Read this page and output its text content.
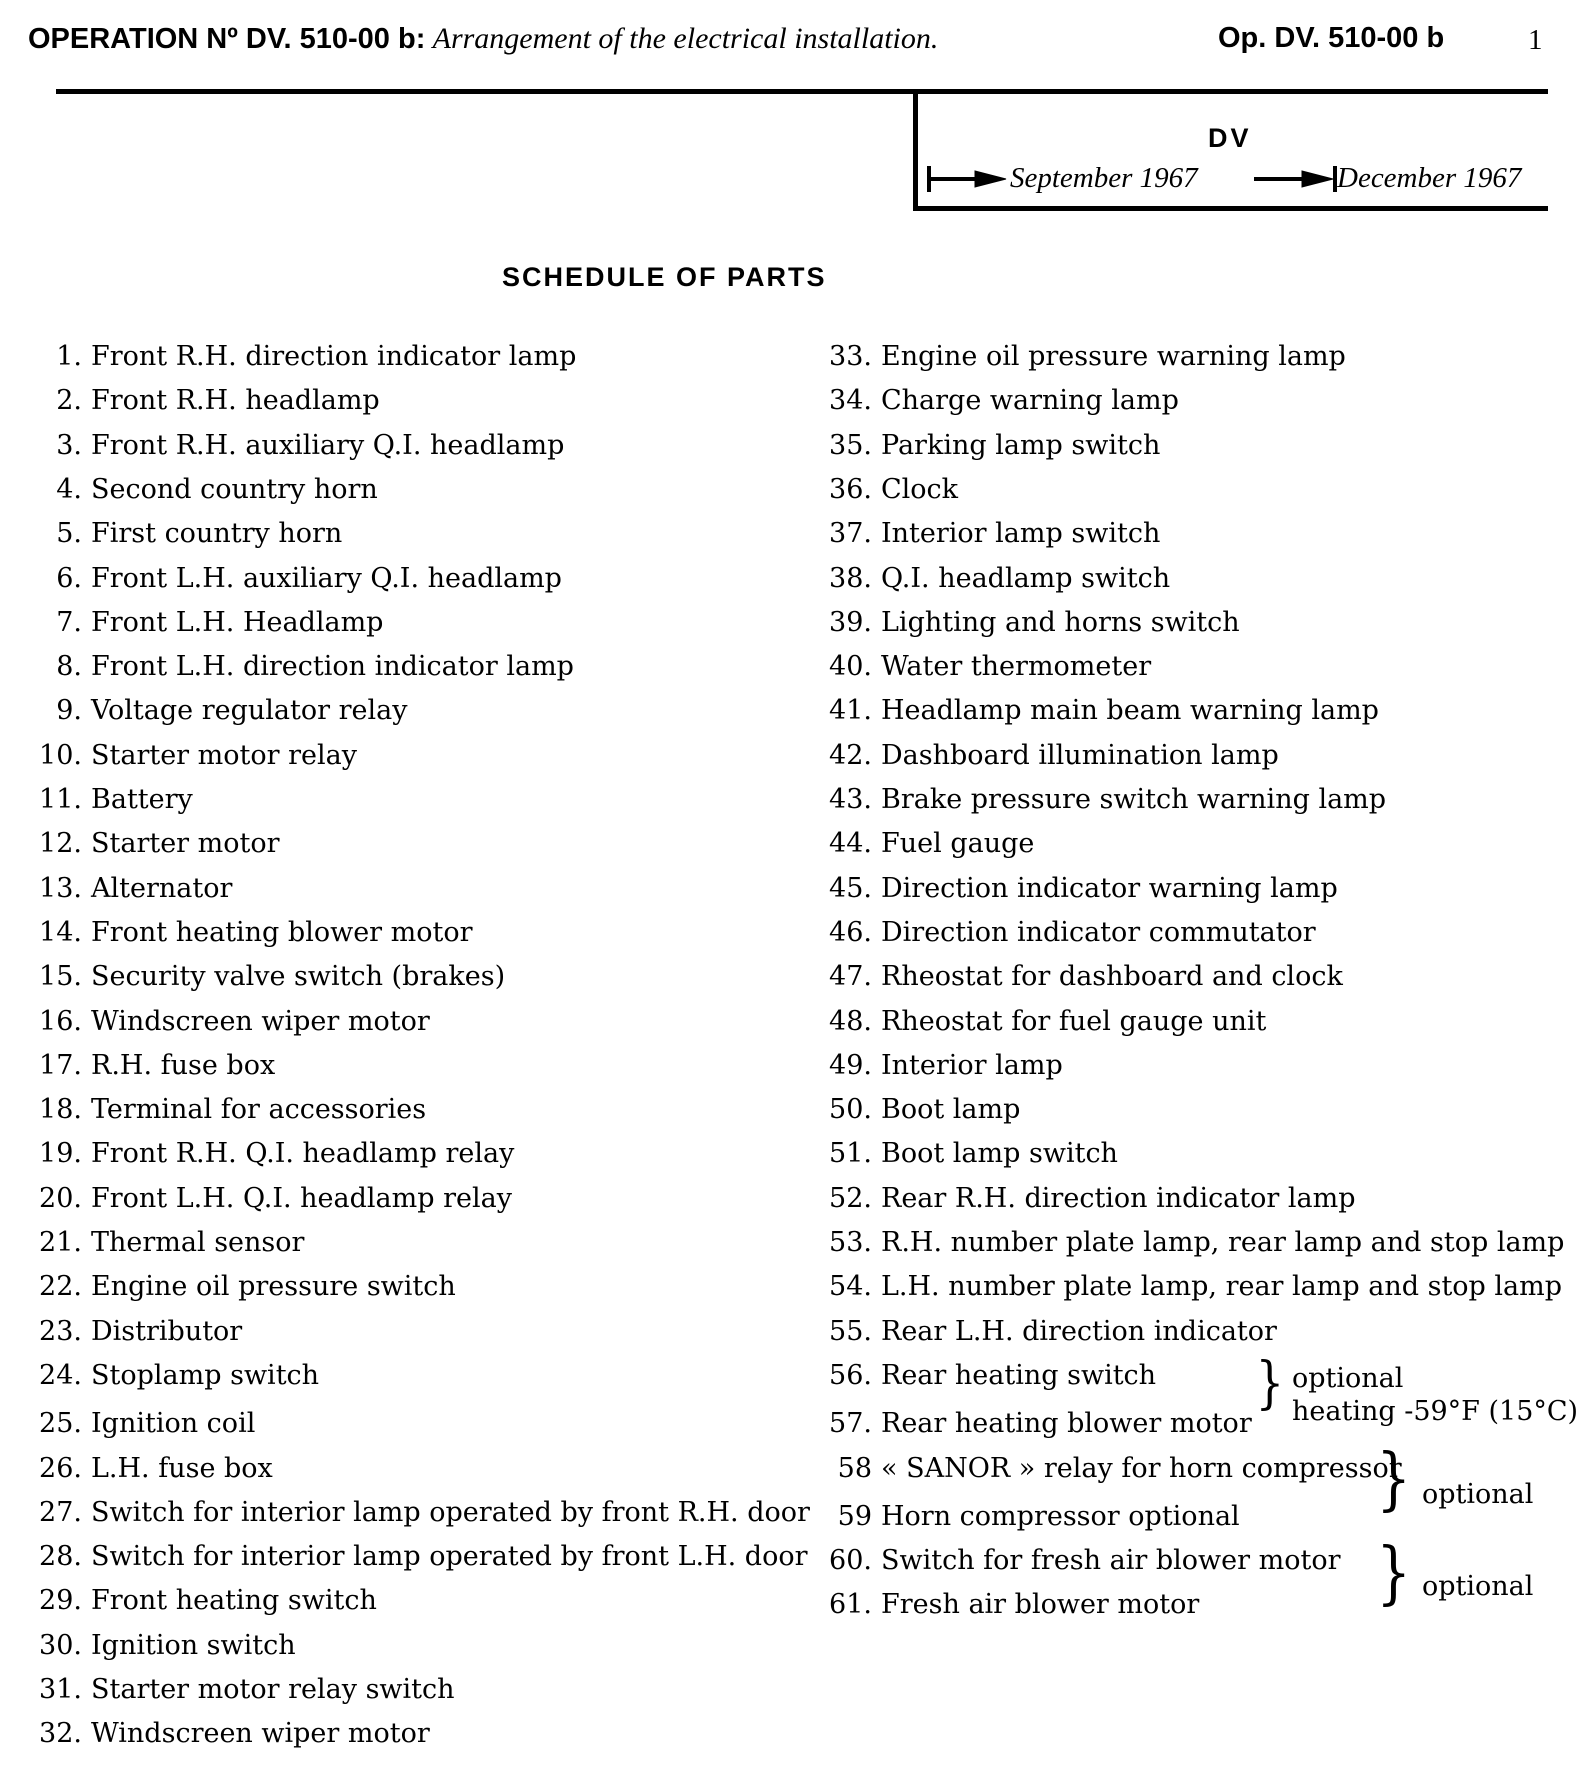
OPERATION Nº DV. 510-00 b: Arrangement of the electrical installation.	Op. DV. 510-00 b	1
DV
September 1967	December 1967
SCHEDULE OF PARTS
1. Front R.H. direction indicator lamp
2. Front R.H. headlamp
3. Front R.H. auxiliary Q.I. headlamp
4. Second country horn
5. First country horn
6. Front L.H. auxiliary Q.I. headlamp
7. Front L.H. Headlamp
8. Front L.H. direction indicator lamp
9. Voltage regulator relay
10. Starter motor relay
11. Battery
12. Starter motor
13. Alternator
14. Front heating blower motor
15. Security valve switch (brakes)
16. Windscreen wiper motor
17. R.H. fuse box
18. Terminal for accessories
19. Front R.H. Q.I. headlamp relay
20. Front L.H. Q.I. headlamp relay
21. Thermal sensor
22. Engine oil pressure switch
23. Distributor
24. Stoplamp switch
25. Ignition coil
26. L.H. fuse box
27. Switch for interior lamp operated by front R.H. door
28. Switch for interior lamp operated by front L.H. door
29. Front heating switch
30. Ignition switch
31. Starter motor relay switch
32. Windscreen wiper motor
33. Engine oil pressure warning lamp
34. Charge warning lamp
35. Parking lamp switch
36. Clock
37. Interior lamp switch
38. Q.I. headlamp switch
39. Lighting and horns switch
40. Water thermometer
41. Headlamp main beam warning lamp
42. Dashboard illumination lamp
43. Brake pressure switch warning lamp
44. Fuel gauge
45. Direction indicator warning lamp
46. Direction indicator commutator
47. Rheostat for dashboard and clock
48. Rheostat for fuel gauge unit
49. Interior lamp
50. Boot lamp
51. Boot lamp switch
52. Rear R.H. direction indicator lamp
53. R.H. number plate lamp, rear lamp and stop lamp
54. L.H. number plate lamp, rear lamp and stop lamp
55. Rear L.H. direction indicator
56. Rear heating switch
57. Rear heating blower motor
58 « SANOR » relay for horn compressor
59 Horn compressor optional
60. Switch for fresh air blower motor
61. Fresh air blower motor
} optional
heating -59°F (15°C)
} optional
} optional
